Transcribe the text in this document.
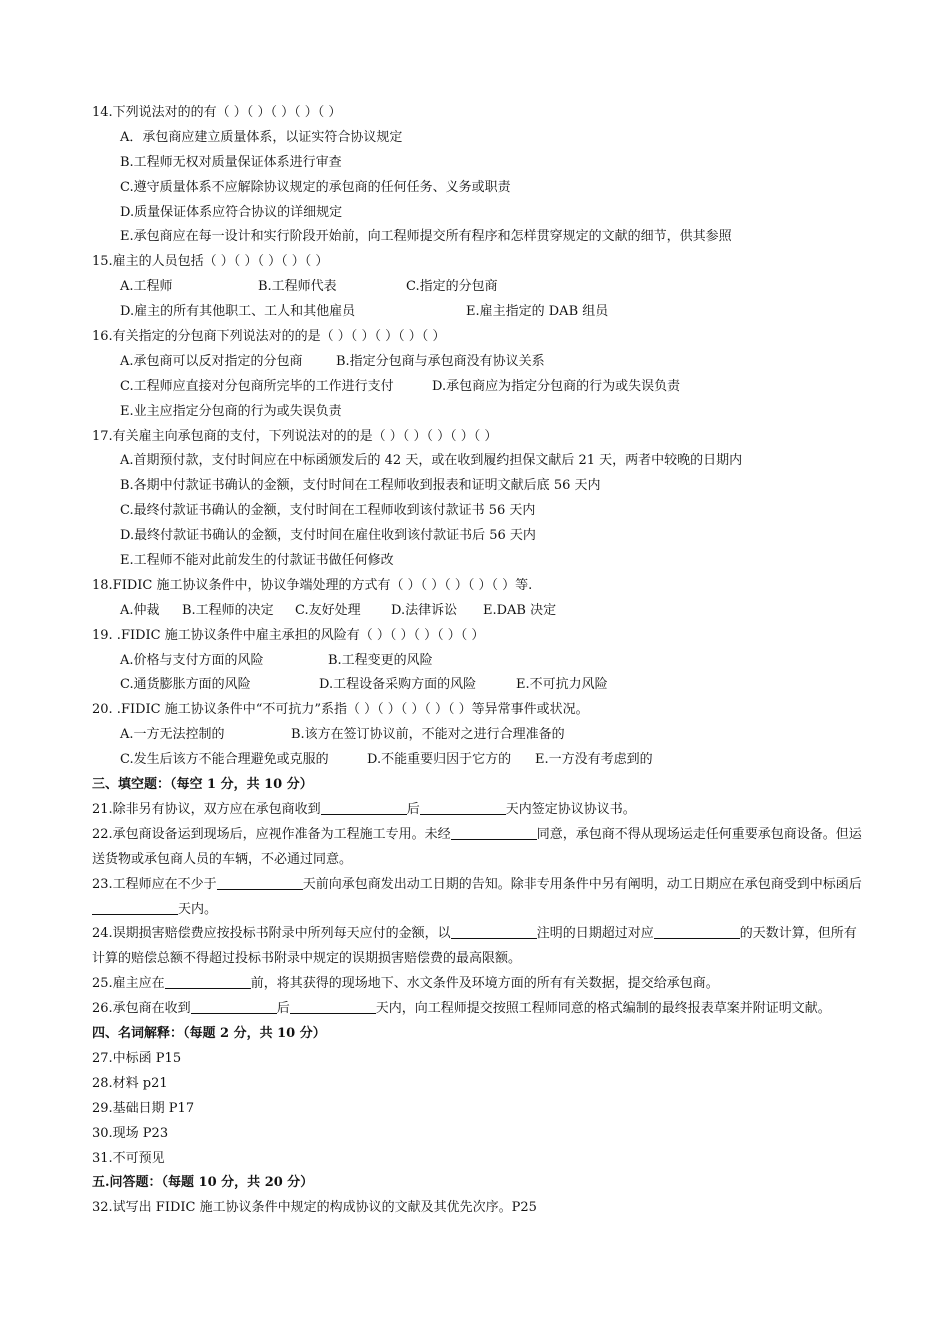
14.下列说法对的的有（ ）（ ）（ ）（ ）（ ）
A．承包商应建立质量体系，以证实符合协议规定
B.工程师无权对质量保证体系进行审查
C.遵守质量体系不应解除协议规定的承包商的任何任务、义务或职责
D.质量保证体系应符合协议的详细规定
E.承包商应在每一设计和实行阶段开始前，向工程师提交所有程序和怎样贯穿规定的文献的细节，供其参照
15.雇主的人员包括（ ）（ ）（ ）（ ）（ ）
A.工程师	B.工程师代表	C.指定的分包商
D.雇主的所有其他职工、工人和其他雇员	E.雇主指定的 DAB 组员
16.有关指定的分包商下列说法对的的是（ ）（ ）（ ）（ ）（ ）
A.承包商可以反对指定的分包商	B.指定分包商与承包商没有协议关系
C.工程师应直接对分包商所完毕的工作进行支付	D.承包商应为指定分包商的行为或失误负责
E.业主应指定分包商的行为或失误负责
17.有关雇主向承包商的支付，下列说法对的的是（ ）（ ）（ ）（ ）（ ）
A.首期预付款，支付时间应在中标函颁发后的 42 天，或在收到履约担保文献后 21 天，两者中较晚的日期内
B.各期中付款证书确认的金额，支付时间在工程师收到报表和证明文献后底 56 天内
C.最终付款证书确认的金额，支付时间在工程师收到该付款证书 56 天内
D.最终付款证书确认的金额，支付时间在雇住收到该付款证书后 56 天内
E.工程师不能对此前发生的付款证书做任何修改
18.FIDIC 施工协议条件中，协议争端处理的方式有（ ）（ ）（ ）（ ）（ ）等.
A.仲裁 B.工程师的决定 C.友好处理 D.法律诉讼 E.DAB 决定
19. .FIDIC 施工协议条件中雇主承担的风险有（ ）（ ）（ ）（ ）（ ）
A.价格与支付方面的风险	B.工程变更的风险
C.通货膨胀方面的风险	D.工程设备采购方面的风险	E.不可抗力风险
20. .FIDIC 施工协议条件中“不可抗力”系指（ ）（ ）（ ）（ ）（ ）等异常事件或状况。
A.一方无法控制的	B.该方在签订协议前，不能对之进行合理准备的
C.发生后该方不能合理避免或克服的	D.不能重要归因于它方的 E.一方没有考虑到的
三、填空题：（每空 1 分，共 10 分）
21.除非另有协议，双方应在承包商收到	后	天内签定协议协议书。
22.承包商设备运到现场后，应视作准备为工程施工专用。未经	同意，承包商不得从现场运走任何重要承包商设备。但运送货物或承包商人员的车辆，不必通过同意。
23.工程师应在不少于	天前向承包商发出动工日期的告知。除非专用条件中另有阐明，动工日期应在承包商受到中标函后天内。
24.误期损害赔偿费应按投标书附录中所列每天应付的金额，以	注明的日期超过对应	的天数计算，但所有计算的赔偿总额不得超过投标书附录中规定的误期损害赔偿费的最高限额。
25.雇主应在	前，将其获得的现场地下、水文条件及环境方面的所有有关数据，提交给承包商。
26.承包商在收到	后	天内，向工程师提交按照工程师同意的格式编制的最终报表草案并附证明文献。
四、名词解释：（每题 2 分，共 10 分）
27.中标函 P15
28.材料 p21
29.基础日期 P17
30.现场 P23
31.不可预见
五.问答题：（每题 10 分，共 20 分）
32.试写出 FIDIC 施工协议条件中规定的构成协议的文献及其优先次序。P25
